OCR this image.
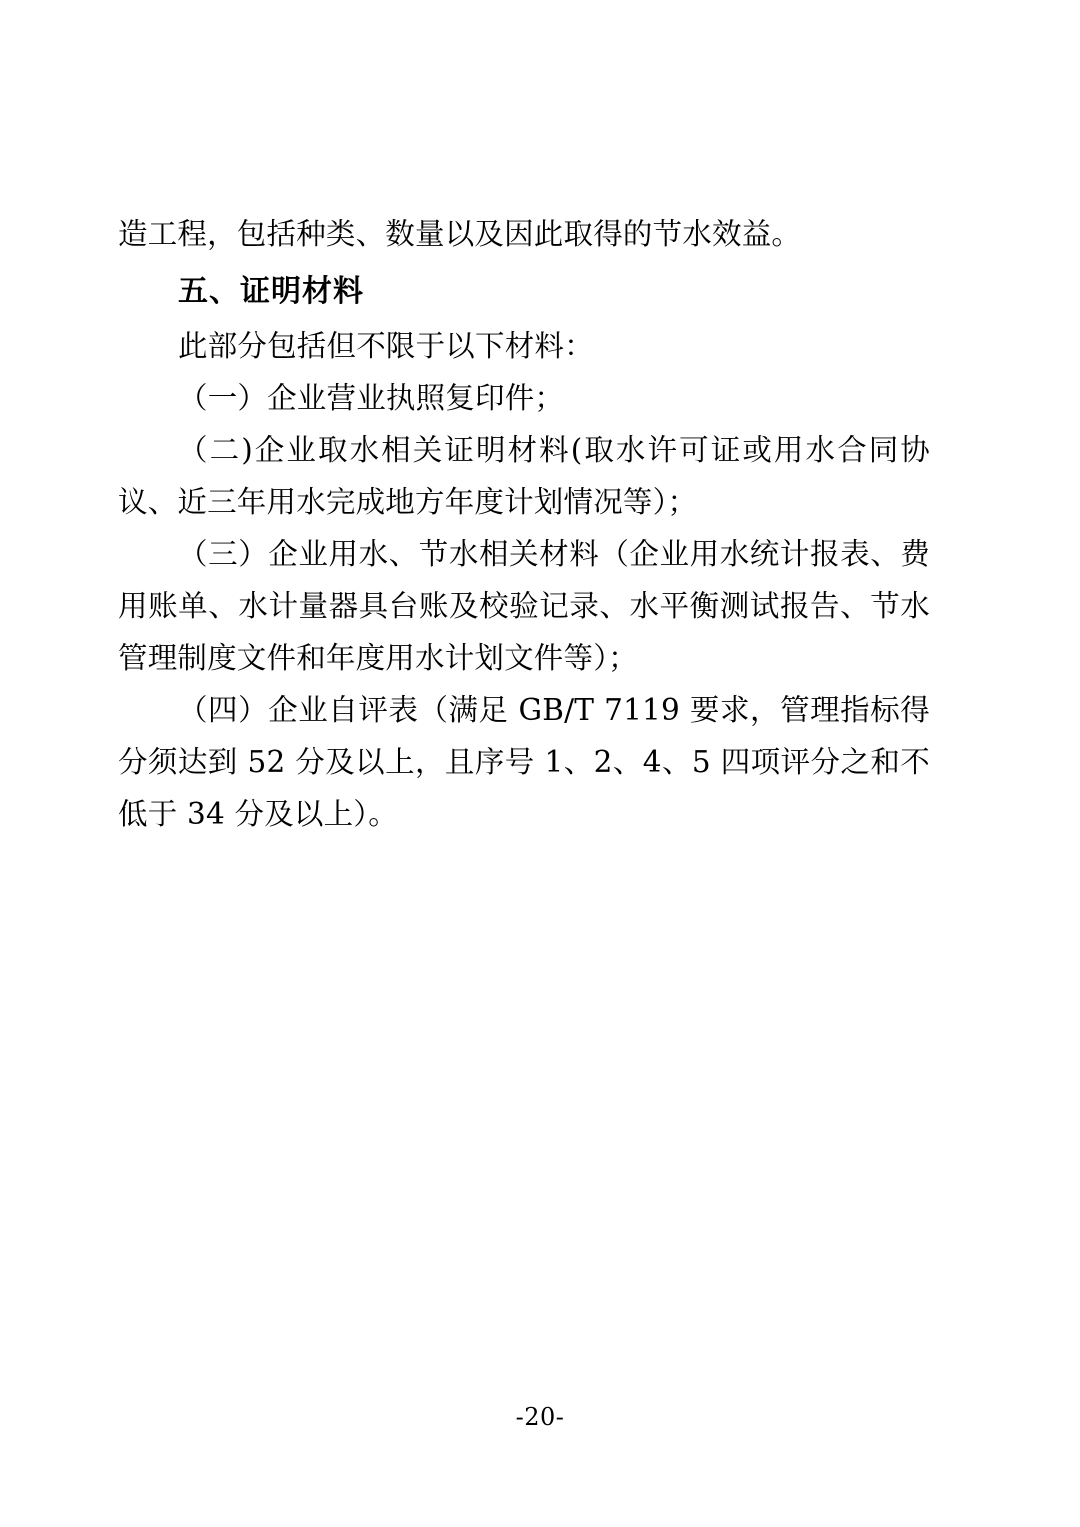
造工程，包括种类、数量以及因此取得的节水效益。

五、证明材料

此部分包括但不限于以下材料：

（一）企业营业执照复印件；

（二)企业取水相关证明材料(取水许可证或用水合同协议、近三年用水完成地方年度计划情况等）；

（三）企业用水、节水相关材料（企业用水统计报表、费用账单、水计量器具台账及校验记录、水平衡测试报告、节水管理制度文件和年度用水计划文件等）；

（四）企业自评表（满足 GB/T 7119 要求，管理指标得分须达到 52 分及以上，且序号 1、2、4、5 四项评分之和不低于 34 分及以上）。

-20-
